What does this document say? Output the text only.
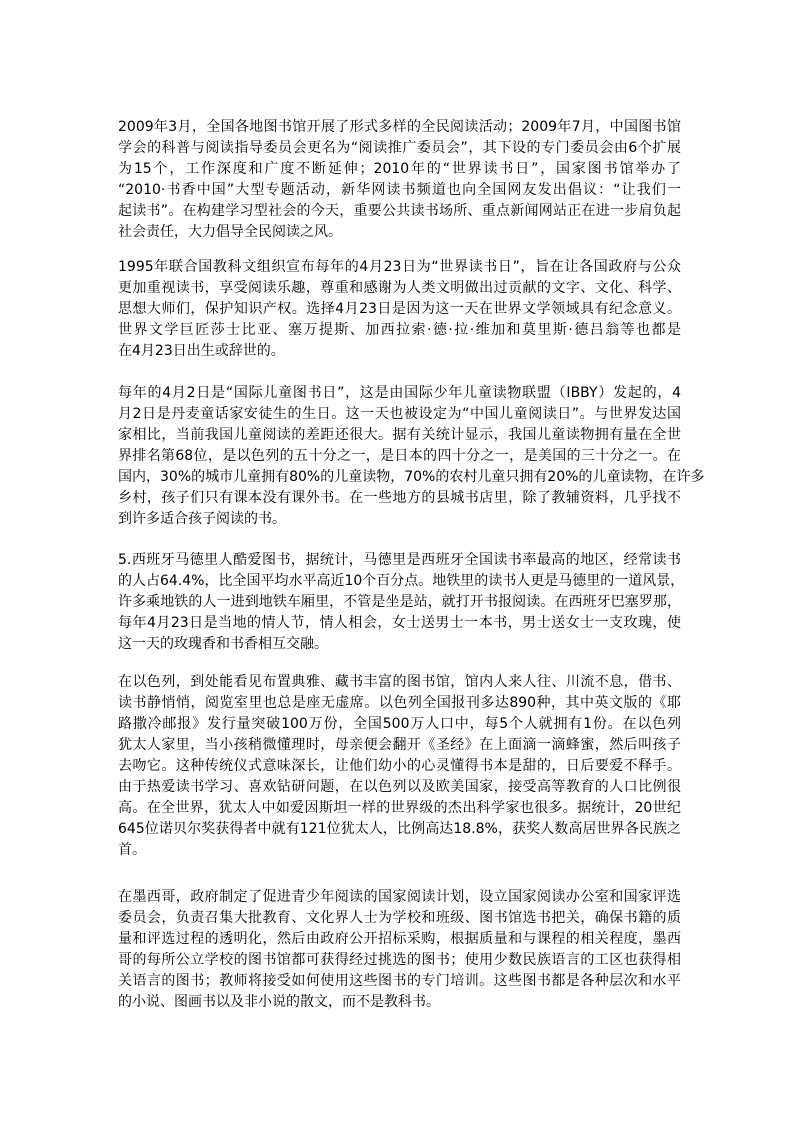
2009年3月，全国各地图书馆开展了形式多样的全民阅读活动；2009年7月，中国图书馆
学会的科普与阅读指导委员会更名为“阅读推广委员会”，其下设的专门委员会由6个扩展
为15个，工作深度和广度不断延伸；2010年的“世界读书日”，国家图书馆举办了
“2010·书香中国”大型专题活动，新华网读书频道也向全国网友发出倡议：“让我们一
起读书”。在构建学习型社会的今天，重要公共读书场所、重点新闻网站正在进一步肩负起
社会责任，大力倡导全民阅读之风。
1995年联合国教科文组织宣布每年的4月23日为“世界读书日”，旨在让各国政府与公众
更加重视读书，享受阅读乐趣，尊重和感谢为人类文明做出过贡献的文字、文化、科学、
思想大师们，保护知识产权。选择4月23日是因为这一天在世界文学领域具有纪念意义。
世界文学巨匠莎士比亚、塞万提斯、加西拉索·德·拉·维加和莫里斯·德吕翁等也都是
在4月23日出生或辞世的。
每年的4月2日是“国际儿童图书日”，这是由国际少年儿童读物联盟（IBBY）发起的，4
月2日是丹麦童话家安徒生的生日。这一天也被设定为“中国儿童阅读日”。与世界发达国
家相比，当前我国儿童阅读的差距还很大。据有关统计显示，我国儿童读物拥有量在全世
界排名第68位，是以色列的五十分之一，是日本的四十分之一，是美国的三十分之一。在
国内，30%的城市儿童拥有80%的儿童读物，70%的农村儿童只拥有20%的儿童读物，在许多
乡村，孩子们只有课本没有课外书。在一些地方的县城书店里，除了教辅资料，几乎找不
到许多适合孩子阅读的书。
5.西班牙马德里人酷爱图书，据统计，马德里是西班牙全国读书率最高的地区，经常读书
的人占64.4%，比全国平均水平高近10个百分点。地铁里的读书人更是马德里的一道风景，
许多乘地铁的人一进到地铁车厢里，不管是坐是站，就打开书报阅读。在西班牙巴塞罗那，
每年4月23日是当地的情人节，情人相会，女士送男士一本书，男士送女士一支玫瑰，使
这一天的玫瑰香和书香相互交融。
在以色列，到处能看见布置典雅、藏书丰富的图书馆，馆内人来人往、川流不息，借书、
读书静悄悄，阅览室里也总是座无虚席。以色列全国报刊多达890种，其中英文版的《耶
路撒冷邮报》发行量突破100万份，全国500万人口中，每5个人就拥有1份。在以色列
犹太人家里，当小孩稍微懂理时，母亲便会翻开《圣经》在上面滴一滴蜂蜜，然后叫孩子
去吻它。这种传统仪式意味深长，让他们幼小的心灵懂得书本是甜的，日后要爱不释手。
由于热爱读书学习、喜欢钻研问题，在以色列以及欧美国家，接受高等教育的人口比例很
高。在全世界，犹太人中如爱因斯坦一样的世界级的杰出科学家也很多。据统计，20世纪
645位诺贝尔奖获得者中就有121位犹太人，比例高达18.8%，获奖人数高居世界各民族之
首。
在墨西哥，政府制定了促进青少年阅读的国家阅读计划，设立国家阅读办公室和国家评选
委员会，负责召集大批教育、文化界人士为学校和班级、图书馆选书把关，确保书籍的质
量和评选过程的透明化，然后由政府公开招标采购，根据质量和与课程的相关程度，墨西
哥的每所公立学校的图书馆都可获得经过挑选的图书；使用少数民族语言的工区也获得相
关语言的图书；教师将接受如何使用这些图书的专门培训。这些图书都是各种层次和水平
的小说、图画书以及非小说的散文，而不是教科书。
